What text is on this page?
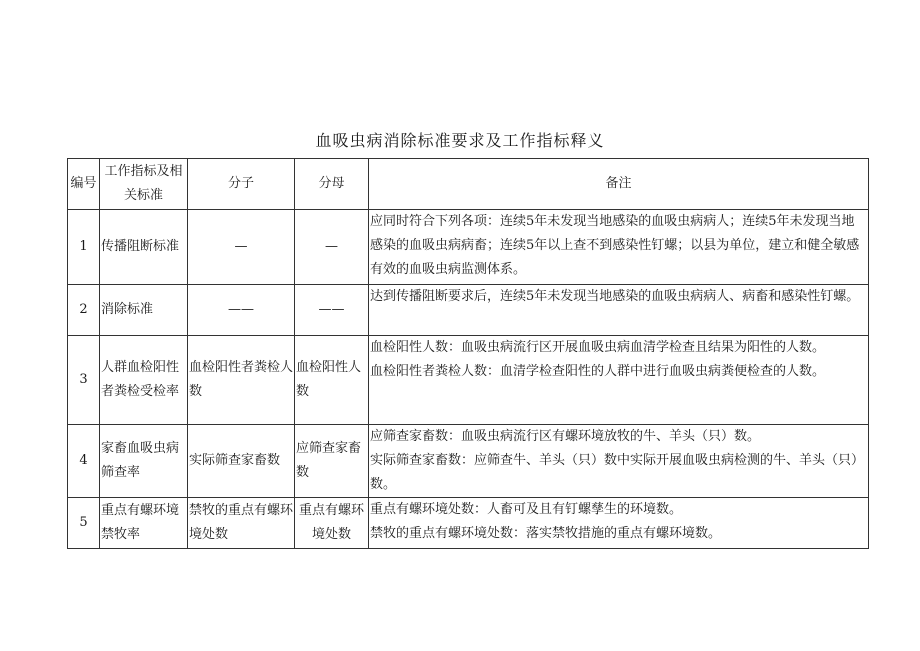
血吸虫病消除标准要求及工作指标释义
编号	工作指标及相关标准	分子	分母	备注
1	传播阻断标准	—	—	应同时符合下列各项：连续5年未发现当地感染的血吸虫病病人；连续5年未发现当地感染的血吸虫病病畜；连续5年以上查不到感染性钉螺；以县为单位，建立和健全敏感有效的血吸虫病监测体系。

2	消除标准	——	——	达到传播阻断要求后，连续5年未发现当地感染的血吸虫病病人、病畜和感染性钉螺。

3	人群血检阳性者粪检受检率	血检阳性者粪检人数	血检阳性人数	血检阳性人数：血吸虫病流行区开展血吸虫病血清学检查且结果为阳性的人数。
血检阳性者粪检人数：血清学检查阳性的人群中进行血吸虫病粪便检查的人数。

4	家畜血吸虫病筛查率	实际筛查家畜数	应筛查家畜数	应筛查家畜数：血吸虫病流行区有螺环境放牧的牛、羊头（只）数。
实际筛查家畜数：应筛查牛、羊头（只）数中实际开展血吸虫病检测的牛、羊头（只）数。

5	重点有螺环境禁牧率	禁牧的重点有螺环境处数	重点有螺环境处数	重点有螺环境处数：人畜可及且有钉螺孳生的环境数。
禁牧的重点有螺环境处数：落实禁牧措施的重点有螺环境数。
